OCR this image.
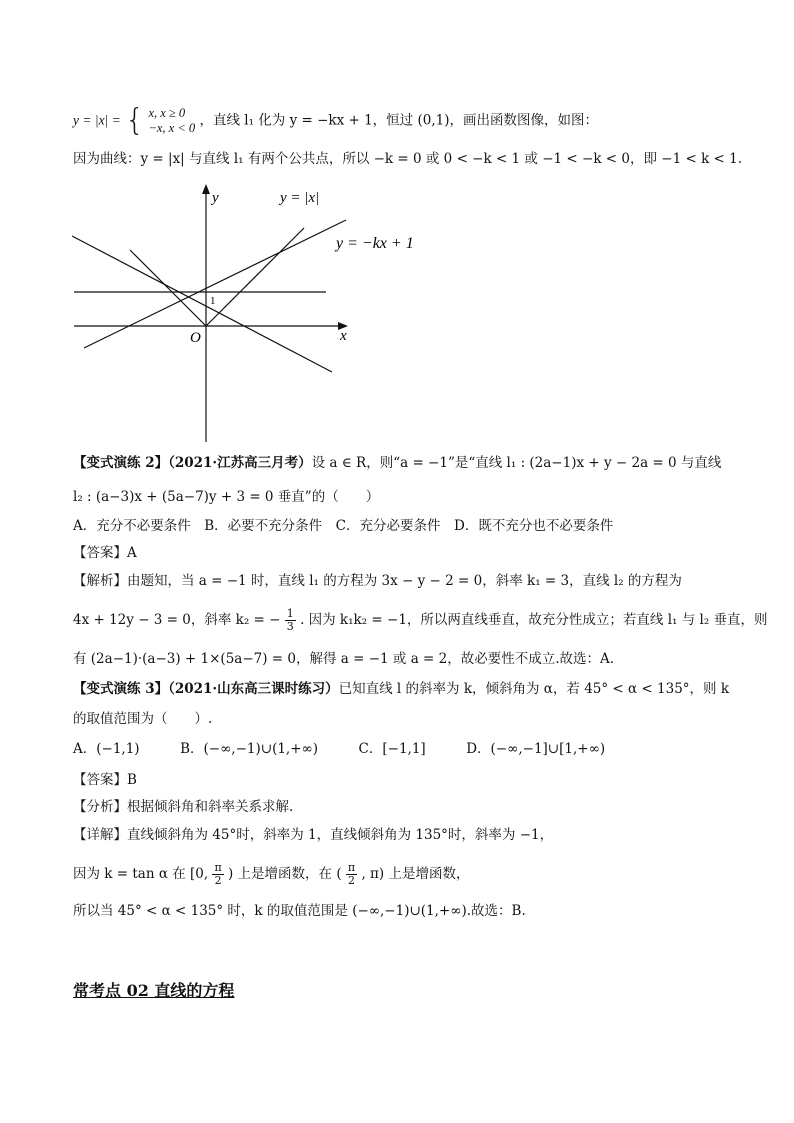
y = |x| = { x, x ≥ 0
−x, x < 0 ，直线 l₁ 化为 y = −kx + 1，恒过 (0,1)，画出函数图像，如图：
因为曲线：y = |x| 与直线 l₁ 有两个公共点，所以 −k = 0 或 0 < −k < 1 或 −1 < −k < 0，即 −1 < k < 1.
y
x
O
1
y = |x|
y = −kx + 1
【变式演练 2】（2021·江苏高三月考）设 a ∈ R，则“a = −1”是“直线 l₁ : (2a−1)x + y − 2a = 0 与直线
l₂ : (a−3)x + (5a−7)y + 3 = 0 垂直”的（　　）
A．充分不必要条件　B．必要不充分条件　C．充分必要条件　D．既不充分也不必要条件
【答案】A
【解析】由题知，当 a = −1 时，直线 l₁ 的方程为 3x − y − 2 = 0，斜率 k₁ = 3，直线 l₂ 的方程为
4x + 12y − 3 = 0，斜率 k₂ = − $\frac{1}{3}$ . 因为 k₁k₂ = −1，所以两直线垂直，故充分性成立；若直线 l₁ 与 l₂ 垂直，则
有 (2a−1)·(a−3) + 1×(5a−7) = 0，解得 a = −1 或 a = 2，故必要性不成立.故选：A.
【变式演练 3】（2021·山东高三课时练习）已知直线 l 的斜率为 k，倾斜角为 α，若 45° < α < 135°，则 k
的取值范围为（　　）.
A．(−1,1)　　　B．(−∞,−1)∪(1,+∞)　　　C．[−1,1]　　　D．(−∞,−1]∪[1,+∞)
【答案】B
【分析】根据倾斜角和斜率关系求解.
【详解】直线倾斜角为 45°时，斜率为 1，直线倾斜角为 135°时，斜率为 −1，
因为 k = tan α 在 [0, $\frac{\pi}{2}$ ) 上是增函数，在 ( $\frac{\pi}{2}$ , π) 上是增函数，
所以当 45° < α < 135° 时，k 的取值范围是 (−∞,−1)∪(1,+∞).故选：B.
常考点 02 直线的方程
